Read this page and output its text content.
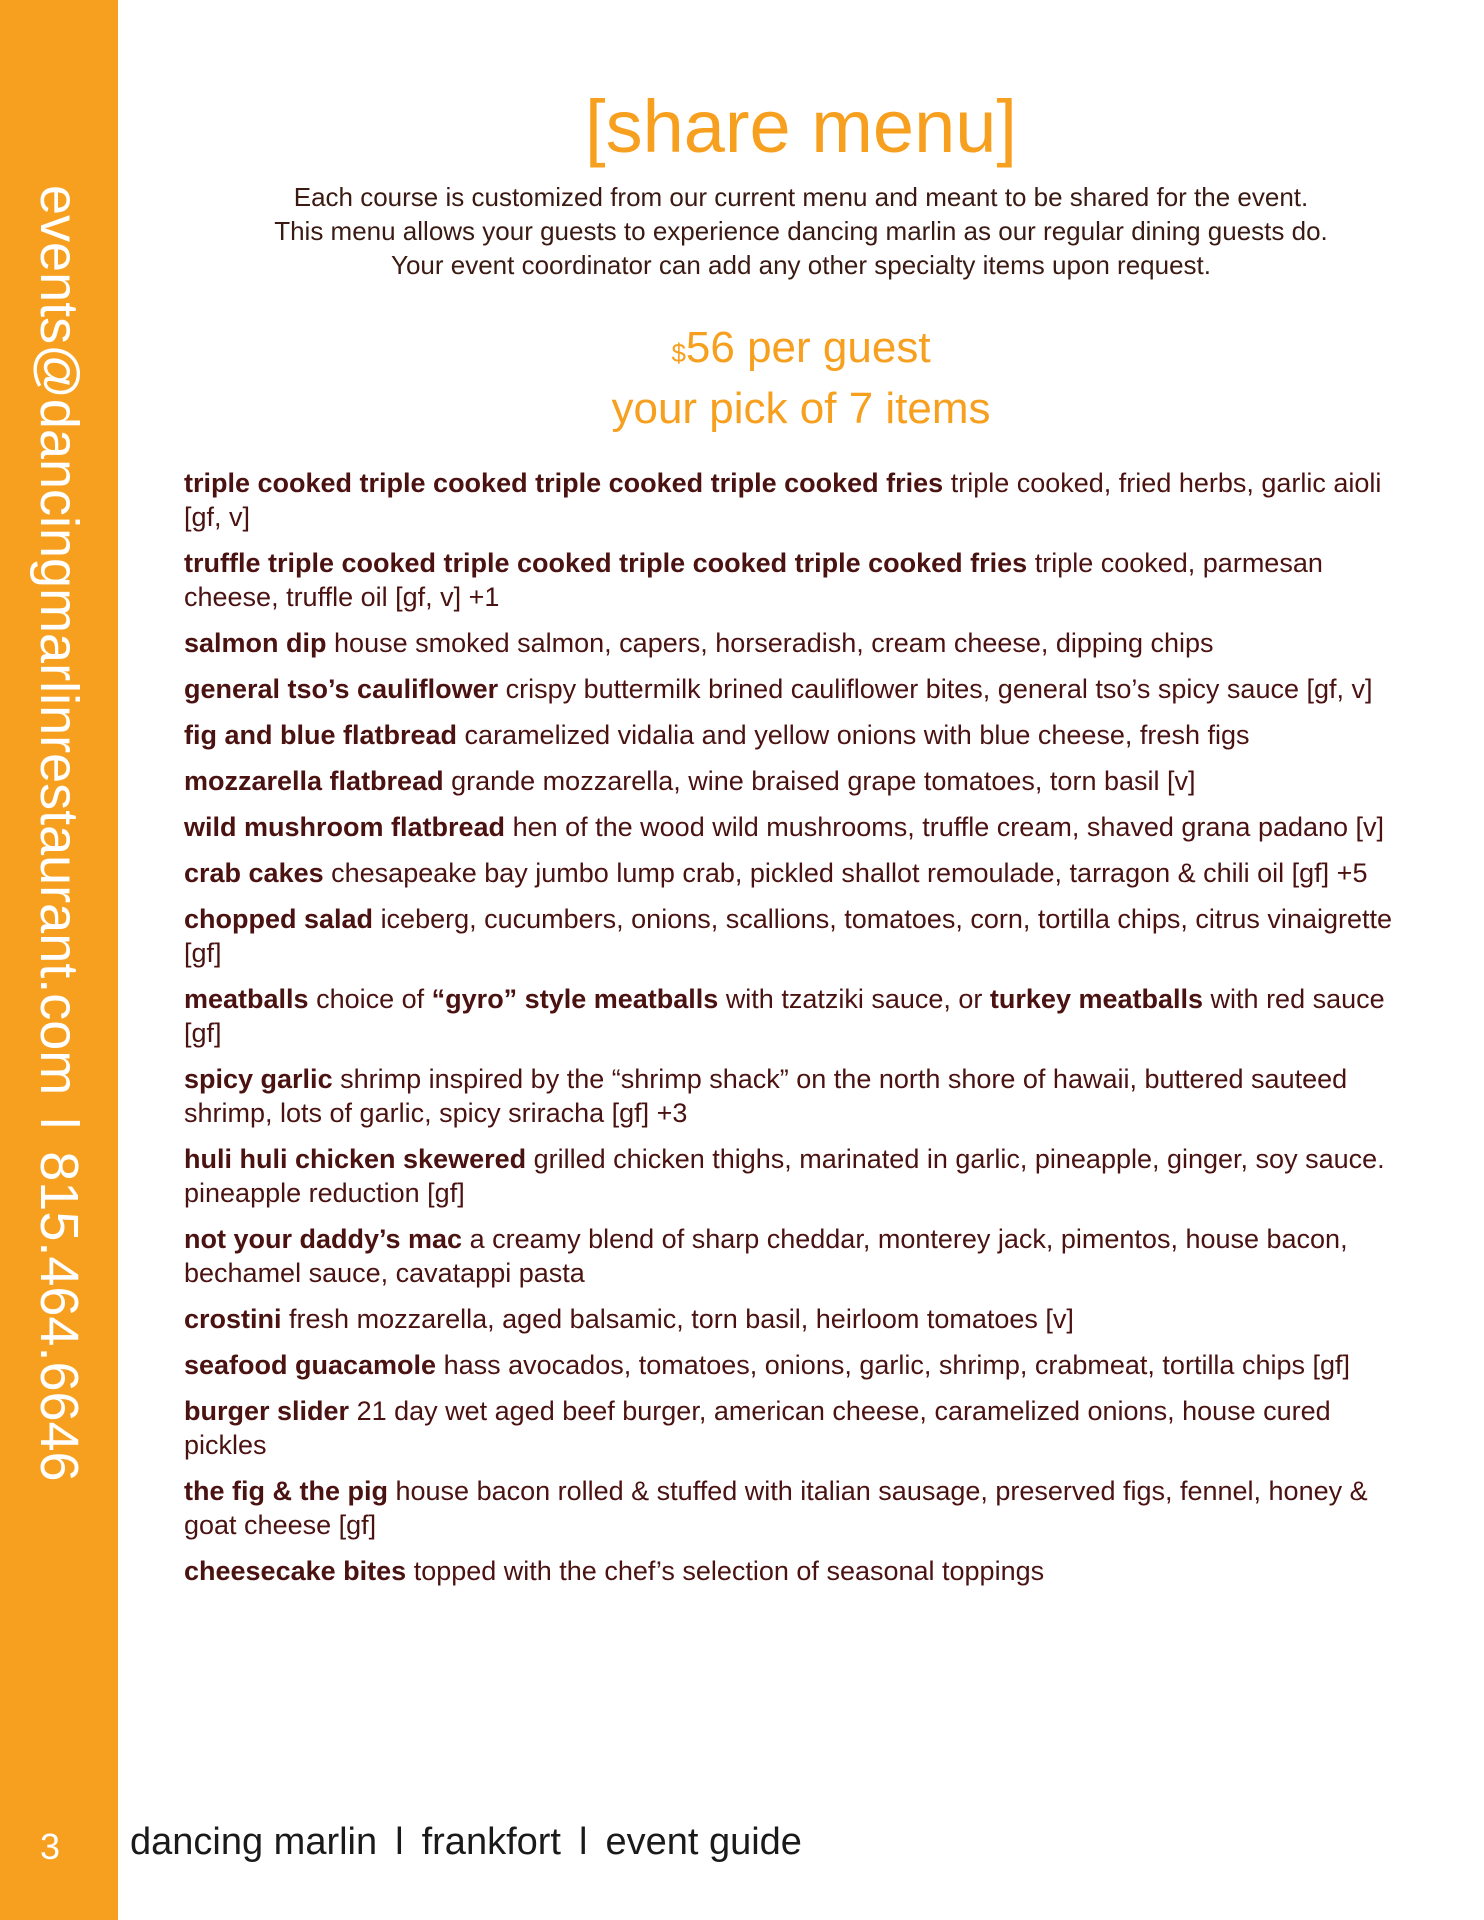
events@dancingmarlinrestaurant.coml815.464.6646
3
[share menu]
Each course is customized from our current menu and meant to be shared for the event.
This menu allows your guests to experience dancing marlin as our regular dining guests do.
Your event coordinator can add any other specialty items upon request.
$56 per guest
your pick of 7 items
triple cooked triple cooked triple cooked triple cooked fries triple cooked, fried herbs, garlic aioli [gf, v]
truffle triple cooked triple cooked triple cooked triple cooked fries triple cooked, parmesan cheese, truffle oil [gf, v] +1
salmon dip house smoked salmon, capers, horseradish, cream cheese, dipping chips
general tso’s cauliflower crispy buttermilk brined cauliflower bites, general tso’s spicy sauce [gf, v]
fig and blue flatbread caramelized vidalia and yellow onions with blue cheese, fresh figs
mozzarella flatbread grande mozzarella, wine braised grape tomatoes, torn basil [v]
wild mushroom flatbread hen of the wood wild mushrooms, truffle cream, shaved grana padano [v]
crab cakes chesapeake bay jumbo lump crab, pickled shallot remoulade, tarragon & chili oil [gf] +5
chopped salad iceberg, cucumbers, onions, scallions, tomatoes, corn, tortilla chips, citrus vinaigrette [gf]
meatballs choice of “gyro” style meatballs with tzatziki sauce, or turkey meatballs with red sauce [gf]
spicy garlic shrimp inspired by the “shrimp shack” on the north shore of hawaii, buttered sauteed shrimp, lots of garlic, spicy sriracha [gf] +3
huli huli chicken skewered grilled chicken thighs, marinated in garlic, pineapple, ginger, soy sauce. pineapple reduction [gf]
not your daddy’s mac a creamy blend of sharp cheddar, monterey jack, pimentos, house bacon, bechamel sauce, cavatappi pasta
crostini fresh mozzarella, aged balsamic, torn basil, heirloom tomatoes [v]
seafood guacamole hass avocados, tomatoes, onions, garlic, shrimp, crabmeat, tortilla chips [gf]
burger slider 21 day wet aged beef burger, american cheese, caramelized onions, house cured pickles
the fig & the pig house bacon rolled & stuffed with italian sausage, preserved figs, fennel, honey & goat cheese [gf]
cheesecake bites topped with the chef’s selection of seasonal toppings
dancing marlin l frankfort l event guide
